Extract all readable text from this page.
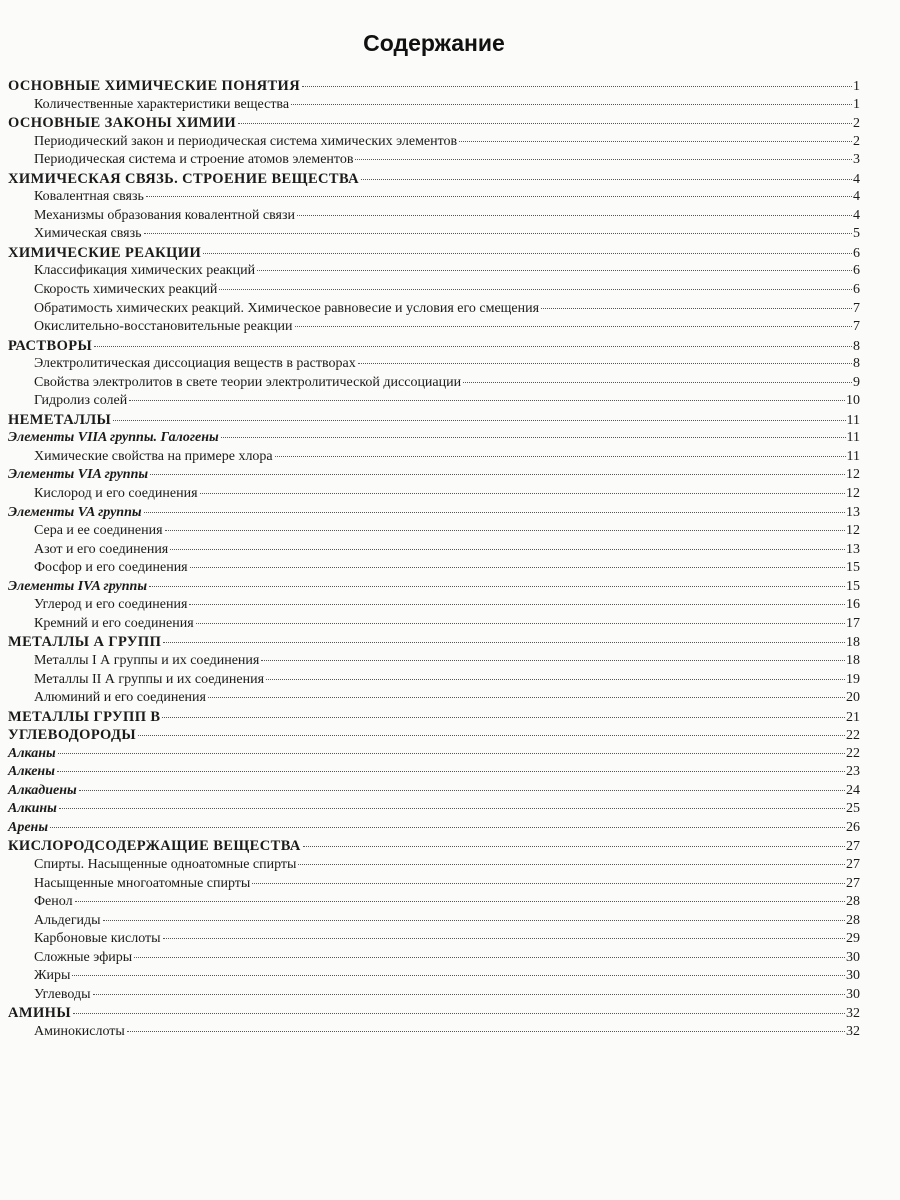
Содержание
ОСНОВНЫЕ ХИМИЧЕСКИЕ ПОНЯТИЯ	1
Количественные характеристики вещества	1
ОСНОВНЫЕ ЗАКОНЫ ХИМИИ	2
Периодический закон и периодическая система химических элементов	2
Периодическая система и строение атомов элементов	3
ХИМИЧЕСКАЯ СВЯЗЬ. СТРОЕНИЕ ВЕЩЕСТВА	4
Ковалентная связь	4
Механизмы образования ковалентной связи	4
Химическая связь	5
ХИМИЧЕСКИЕ РЕАКЦИИ	6
Классификация химических реакций	6
Скорость химических реакций	6
Обратимость химических реакций. Химическое равновесие и условия его смещения	7
Окислительно-восстановительные реакции	7
РАСТВОРЫ	8
Электролитическая диссоциация веществ в растворах	8
Свойства электролитов в свете теории электролитической диссоциации	9
Гидролиз солей	10
НЕМЕТАЛЛЫ	11
Элементы VIIA группы. Галогены	11
Химические свойства на примере хлора	11
Элементы VIA группы	12
Кислород и его соединения	12
Элементы VA группы	13
Сера и ее соединения	12
Азот и его соединения	13
Фосфор и его соединения	15
Элементы IVA группы	15
Углерод и его соединения	16
Кремний и его соединения	17
МЕТАЛЛЫ А ГРУПП	18
Металлы I А группы и их соединения	18
Металлы II А группы и их соединения	19
Алюминий и его соединения	20
МЕТАЛЛЫ ГРУПП В	21
УГЛЕВОДОРОДЫ	22
Алканы	22
Алкены	23
Алкадиены	24
Алкины	25
Арены	26
КИСЛОРОДСОДЕРЖАЩИЕ ВЕЩЕСТВА	27
Спирты. Насыщенные одноатомные спирты	27
Насыщенные многоатомные спирты	27
Фенол	28
Альдегиды	28
Карбоновые кислоты	29
Сложные эфиры	30
Жиры	30
Углеводы	30
АМИНЫ	32
Аминокислоты	32
